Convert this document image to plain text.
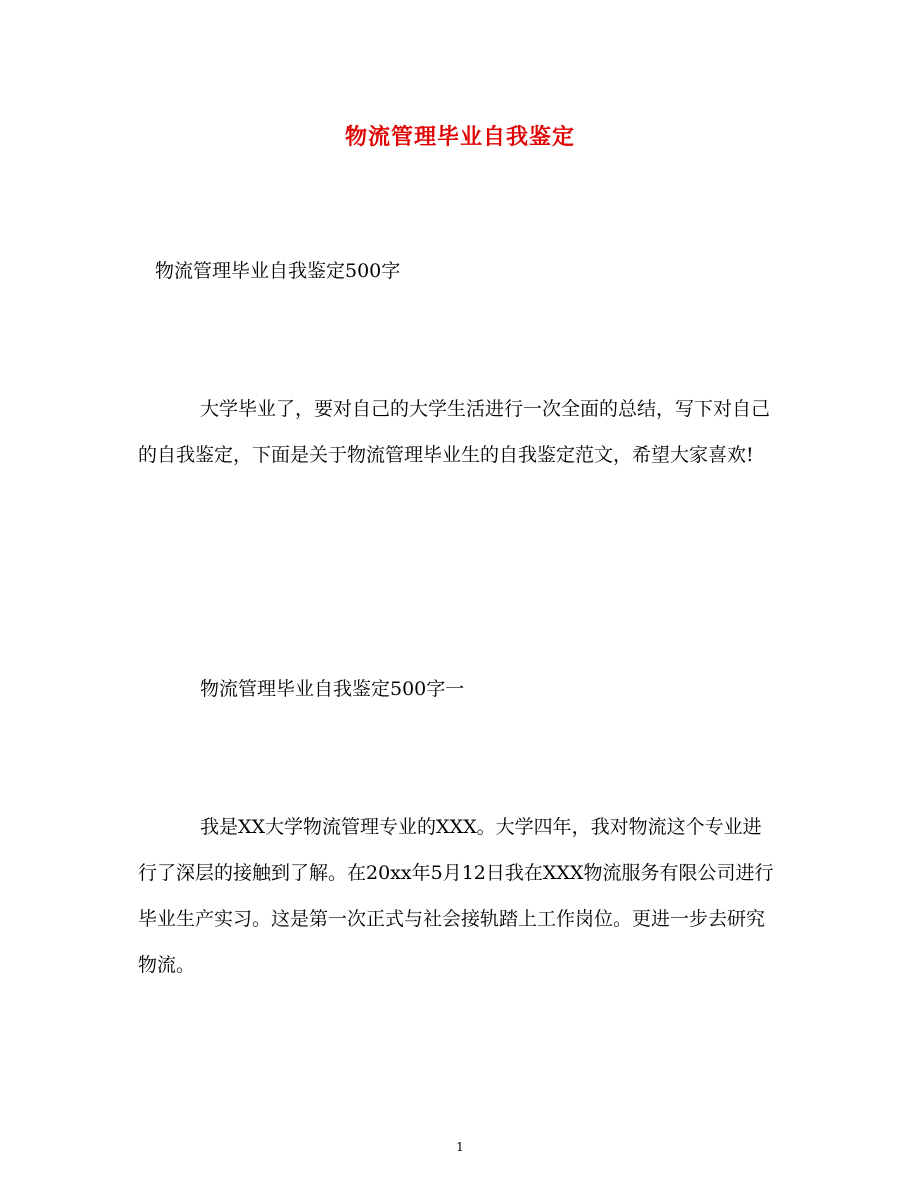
物流管理毕业自我鉴定

物流管理毕业自我鉴定500字

大学毕业了，要对自己的大学生活进行一次全面的总结，写下对自己的自我鉴定，下面是关于物流管理毕业生的自我鉴定范文，希望大家喜欢!

物流管理毕业自我鉴定500字一

我是XX大学物流管理专业的XXX。大学四年，我对物流这个专业进行了深层的接触到了解。在20xx年5月12日我在XXX物流服务有限公司进行毕业生产实习。这是第一次正式与社会接轨踏上工作岗位。更进一步去研究物流。

1
